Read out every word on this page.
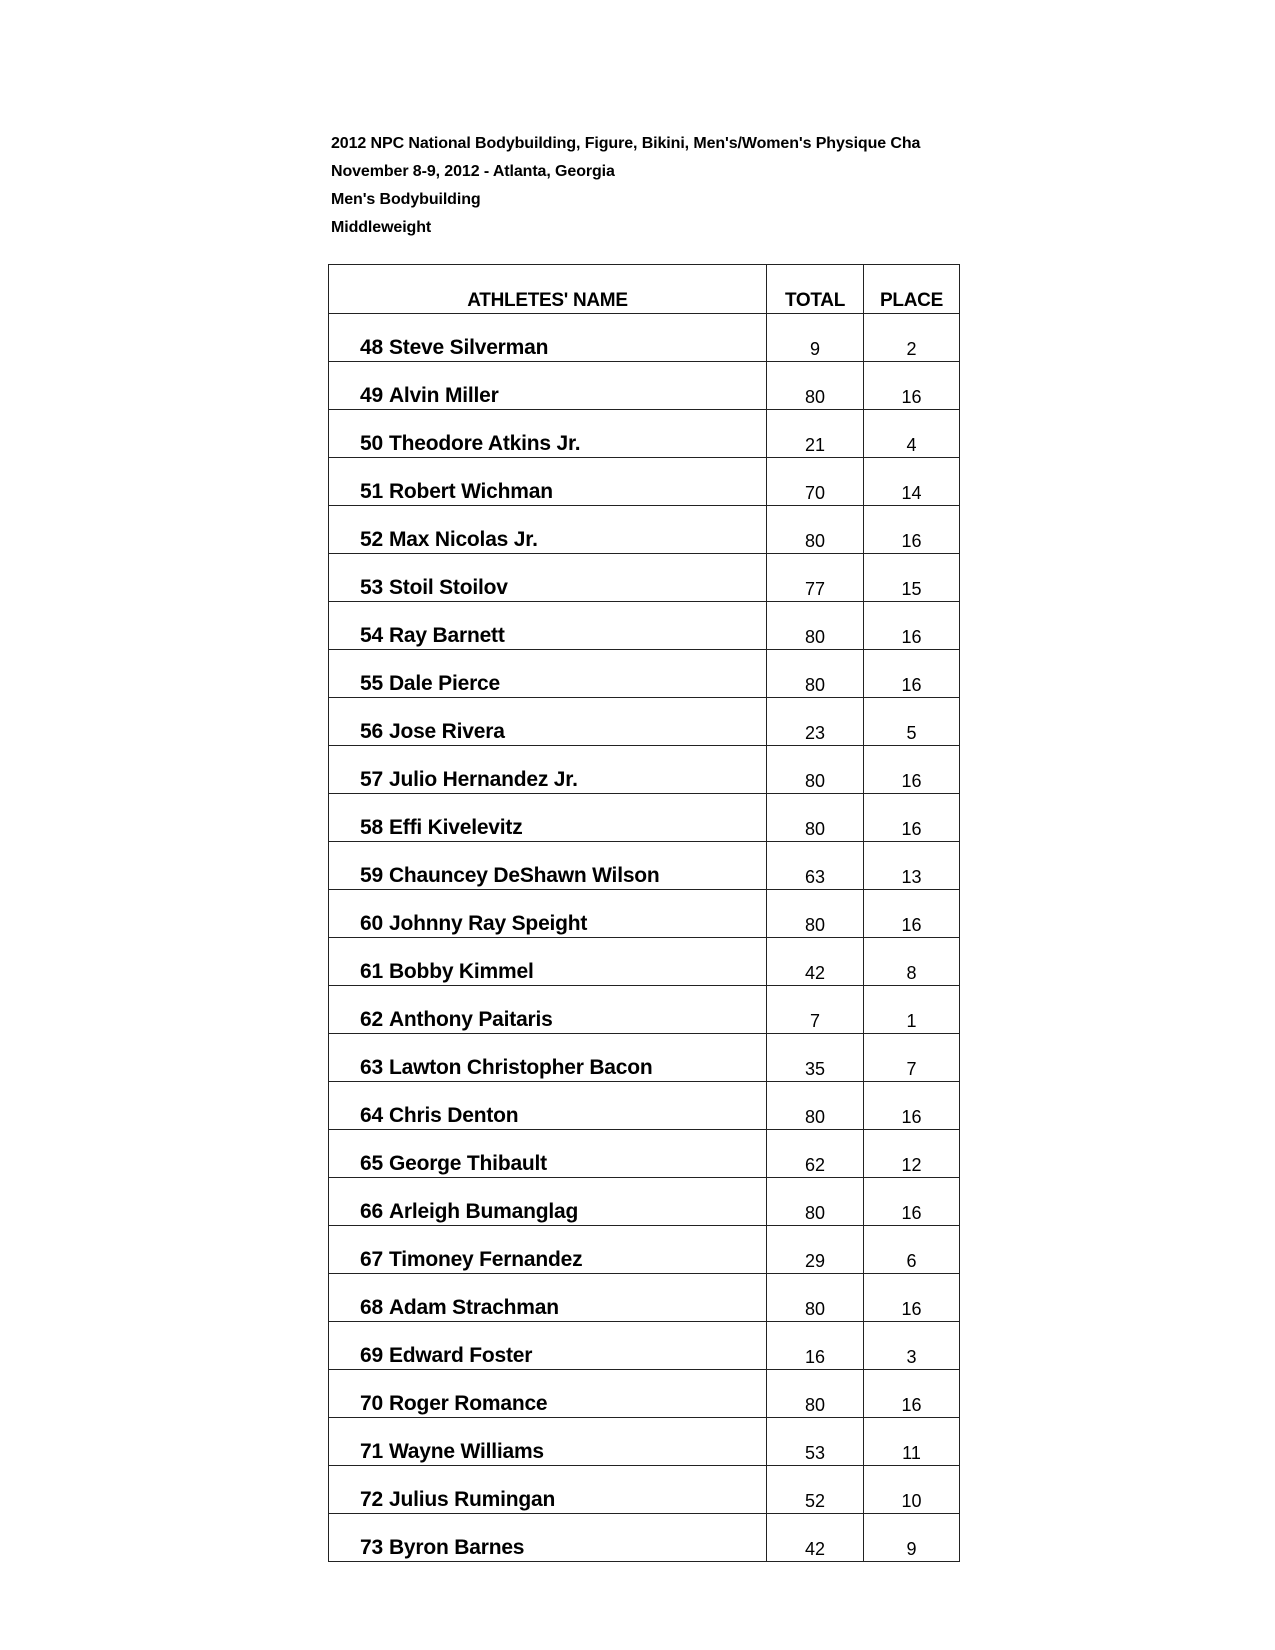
2012 NPC National Bodybuilding, Figure, Bikini, Men's/Women's Physique Cha
November 8-9, 2012 - Atlanta, Georgia
Men's Bodybuilding
Middleweight
ATHLETES' NAME	TOTAL	PLACE
48 Steve Silverman	9	2
49 Alvin Miller	80	16
50 Theodore Atkins Jr.	21	4
51 Robert Wichman	70	14
52 Max Nicolas Jr.	80	16
53 Stoil Stoilov	77	15
54 Ray Barnett	80	16
55 Dale Pierce	80	16
56 Jose Rivera	23	5
57 Julio Hernandez Jr.	80	16
58 Effi Kivelevitz	80	16
59 Chauncey DeShawn Wilson	63	13
60 Johnny Ray Speight	80	16
61 Bobby Kimmel	42	8
62 Anthony Paitaris	7	1
63 Lawton Christopher Bacon	35	7
64 Chris Denton	80	16
65 George Thibault	62	12
66 Arleigh Bumanglag	80	16
67 Timoney Fernandez	29	6
68 Adam Strachman	80	16
69 Edward Foster	16	3
70 Roger Romance	80	16
71 Wayne Williams	53	11
72 Julius Rumingan	52	10
73 Byron Barnes	42	9
